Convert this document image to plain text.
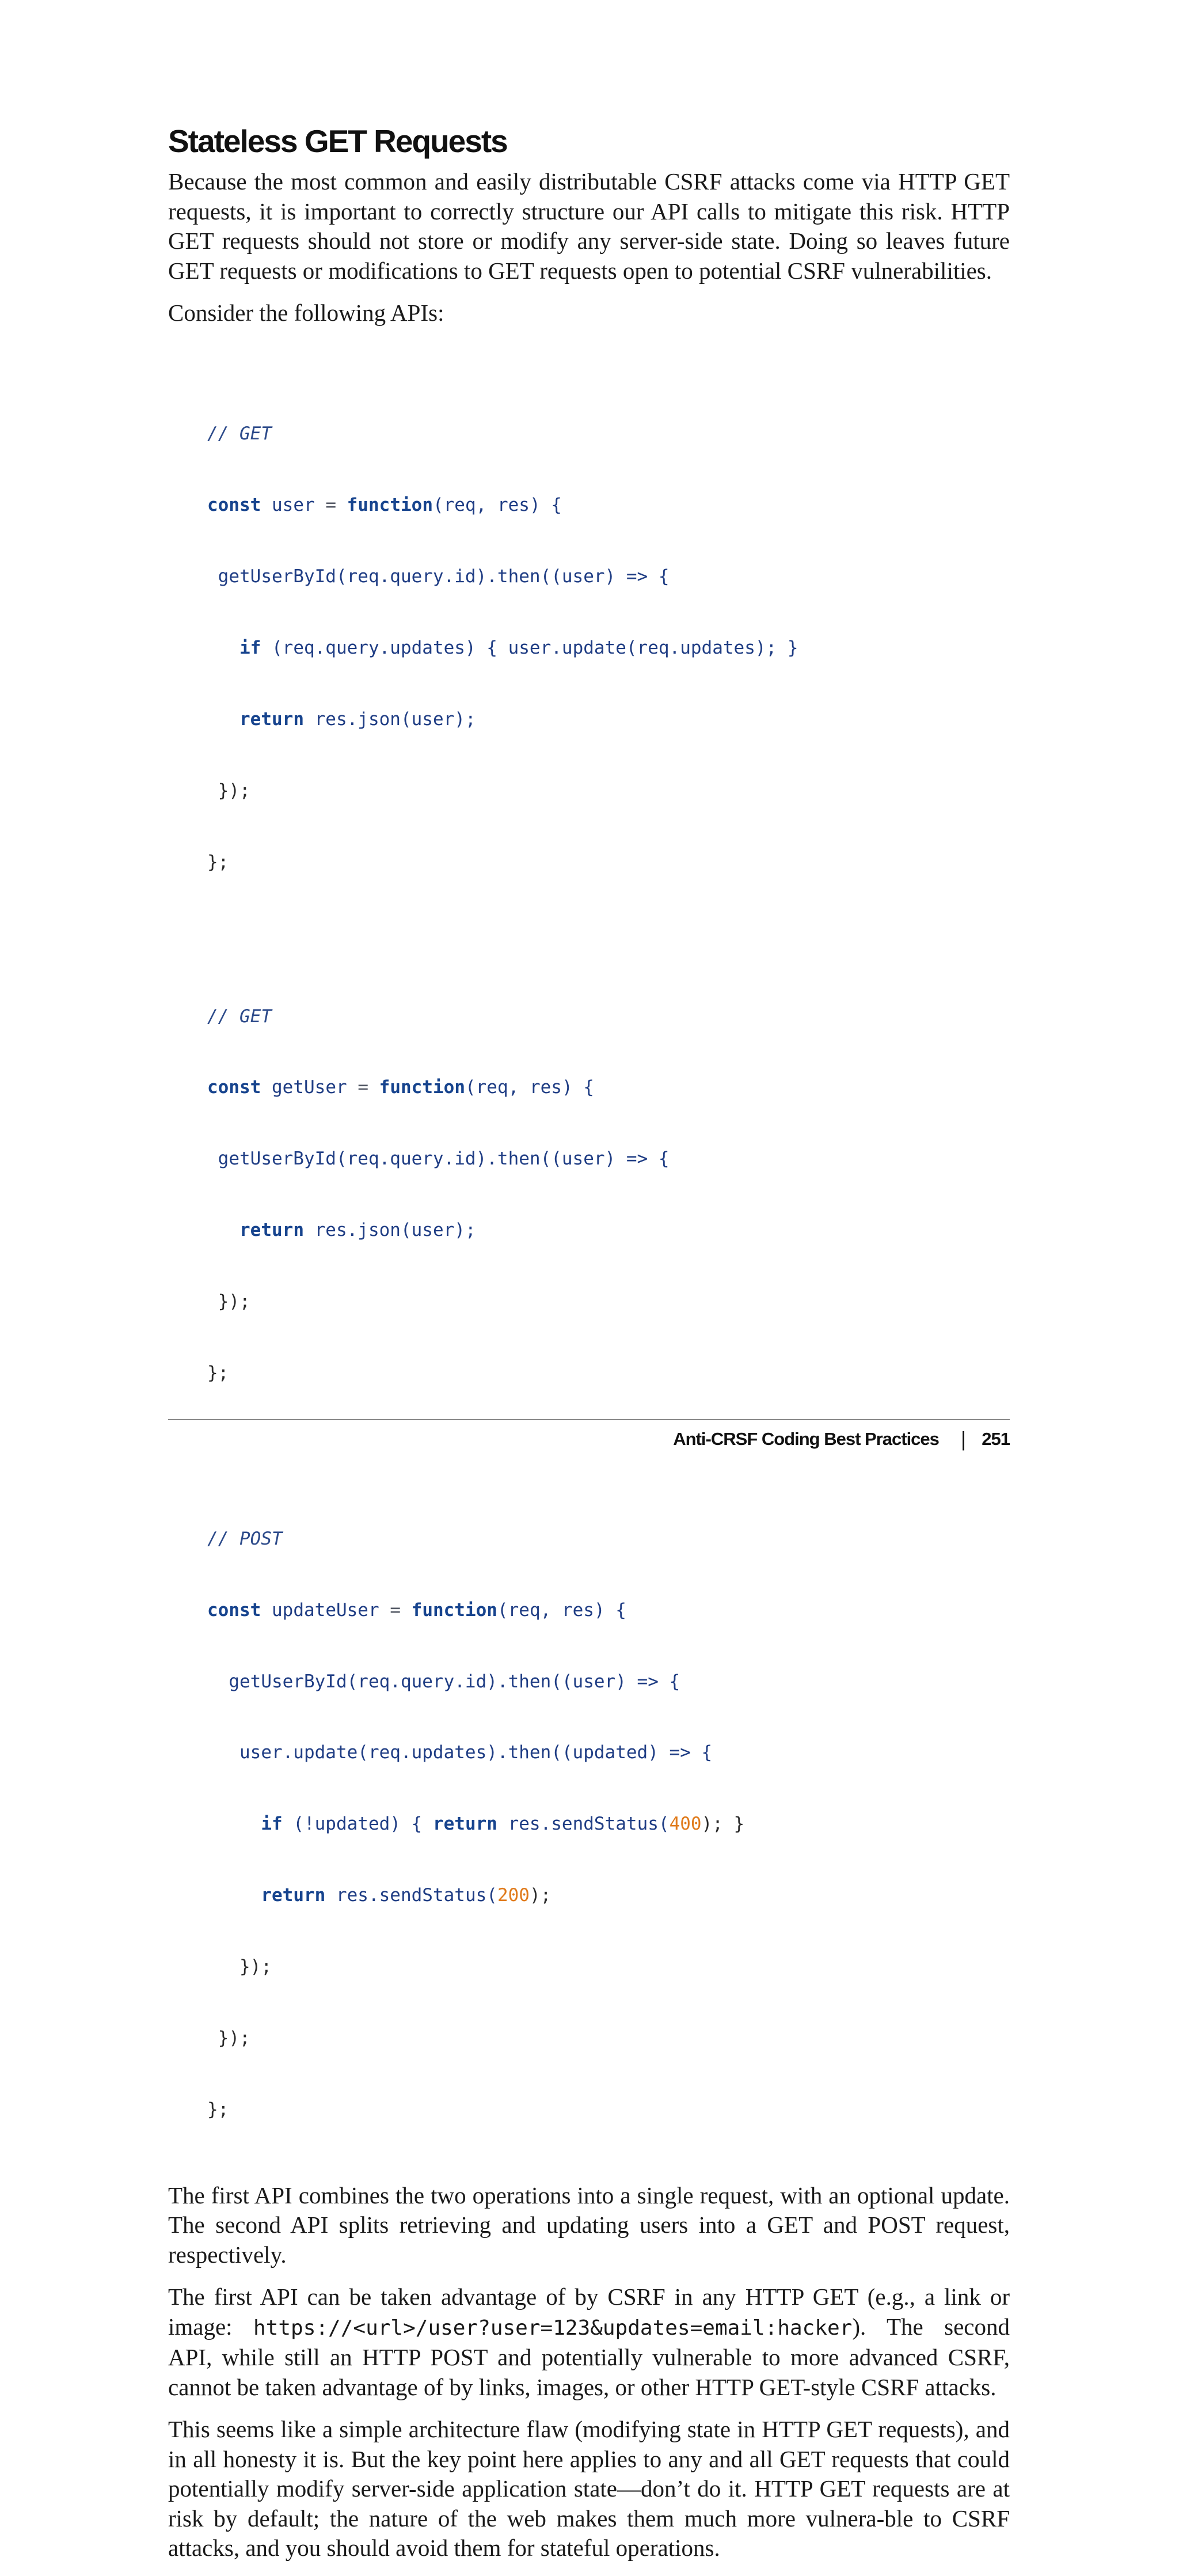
Stateless GET Requests

Because the most common and easily distributable CSRF attacks come via HTTP GET requests, it is important to correctly structure our API calls to mitigate this risk. HTTP GET requests should not store or modify any server-side state. Doing so leaves future GET requests or modifications to GET requests open to potential CSRF vulnerabilities.

Consider the following APIs:

// GET

const user = function(req, res) {

getUserById(req.query.id).then((user) => {

if (req.query.updates) { user.update(req.updates); }

return res.json(user);

});

};

// GET

const getUser = function(req, res) {

getUserById(req.query.id).then((user) => {

return res.json(user);

});

};

// POST

const updateUser = function(req, res) {

getUserById(req.query.id).then((user) => {

user.update(req.updates).then((updated) => {

if (!updated) { return res.sendStatus(400); }

return res.sendStatus(200);

});

});

};

The first API combines the two operations into a single request, with an optional update. The second API splits retrieving and updating users into a GET and POST request, respectively.

The first API can be taken advantage of by CSRF in any HTTP GET (e.g., a link or image: https://<url>/user?user=123&updates=email:hacker). The second API, while still an HTTP POST and potentially vulnerable to more advanced CSRF, cannot be taken advantage of by links, images, or other HTTP GET-style CSRF attacks.

This seems like a simple architecture flaw (modifying state in HTTP GET requests), and in all honesty it is. But the key point here applies to any and all GET requests that could potentially modify server-side application state—don’t do it. HTTP GET requests are at risk by default; the nature of the web makes them much more vulnera‐ble to CSRF attacks, and you should avoid them for stateful operations.

Anti-CRSF Coding Best Practices | 251
